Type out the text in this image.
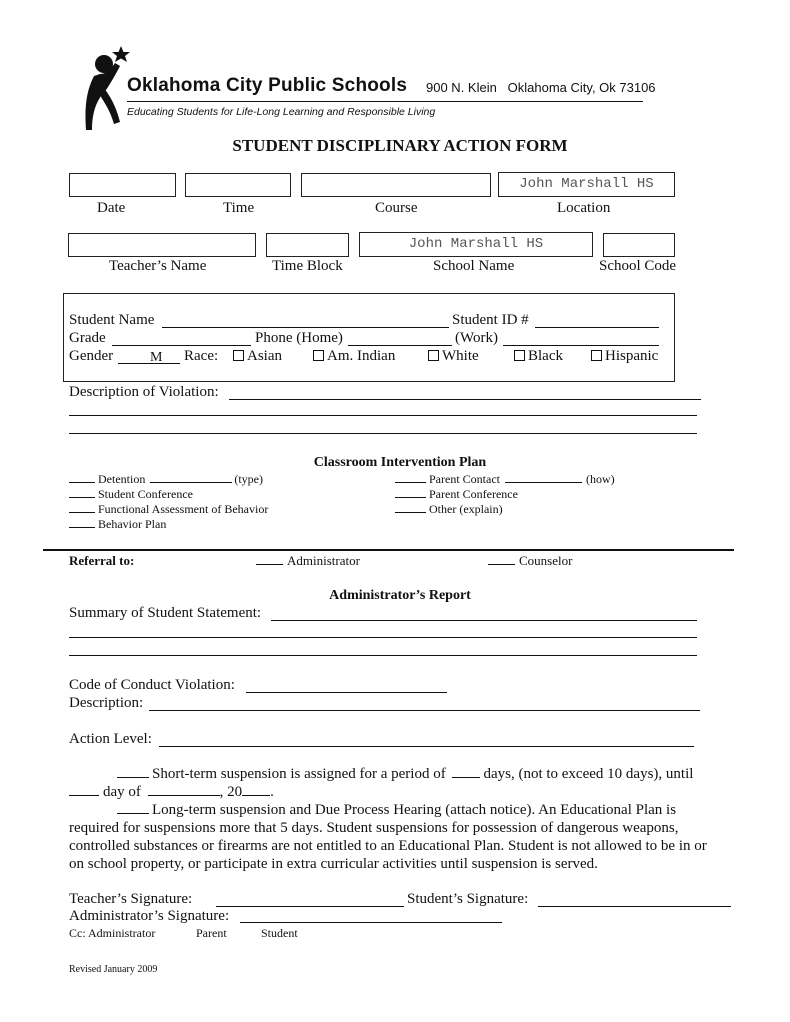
Oklahoma City Public Schools 900 N. Klein   Oklahoma City, Ok 73106
Educating Students for Life-Long Learning and Responsible Living
STUDENT DISCIPLINARY ACTION FORM
John Marshall HS
Date	Time	Course	Location
John Marshall HS
Teacher’s Name	Time Block	School Name	School Code
Student Name	Student ID #
Grade	Phone (Home)	(Work)
Gender	M Race:	Asian	Am. Indian	White	Black	Hispanic
Description of Violation:
Classroom Intervention Plan
Detention	(type)
Student Conference
Functional Assessment of Behavior
Behavior Plan
Parent Contact	(how)
Parent Conference
Other (explain)
Referral to:	Administrator	Counselor
Administrator’s Report
Summary of Student Statement:
Code of Conduct Violation:
Description:
Action Level:
Short-term suspension is assigned for a period of	days, (not to exceed 10 days), until
day of	, 20 .
Long-term suspension and Due Process Hearing (attach notice). An Educational Plan is
required for suspensions more that 5 days. Student suspensions for possession of dangerous weapons,
controlled substances or firearms are not entitled to an Educational Plan. Student is not allowed to be in or
on school property, or participate in extra curricular activities until suspension is served.
Teacher’s Signature:	Student’s Signature:
Administrator’s Signature:
Cc: Administrator	Parent	Student
Revised January 2009
